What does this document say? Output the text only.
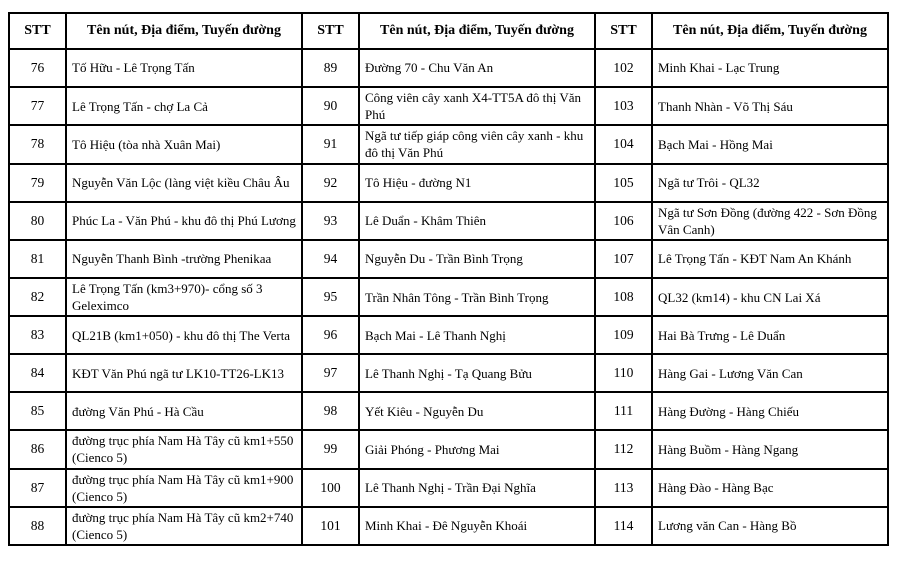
STT	Tên nút, Địa điểm, Tuyến đường	STT	Tên nút, Địa điểm, Tuyến đường	STT	Tên nút, Địa điểm, Tuyến đường
76	Tố Hữu - Lê Trọng Tấn	89	Đường 70 - Chu Văn An	102	Minh Khai - Lạc Trung
77	Lê Trọng Tấn - chợ La Cả	90	Công viên cây xanh X4-TT5A đô thị Văn Phú	103	Thanh Nhàn - Võ Thị Sáu
78	Tô Hiệu (tòa nhà Xuân Mai)	91	Ngã tư tiếp giáp công viên cây xanh - khu đô thị Văn Phú	104	Bạch Mai - Hồng Mai
79	Nguyễn Văn Lộc (làng việt kiều Châu Âu	92	Tô Hiệu - đường N1	105	Ngã tư Trôi - QL32
80	Phúc La - Văn Phú - khu đô thị Phú Lương	93	Lê Duẩn - Khâm Thiên	106	Ngã tư Sơn Đồng (đường 422 - Sơn Đồng Vân Canh)
81	Nguyễn Thanh Bình -trường Phenikaa	94	Nguyễn Du - Trần Bình Trọng	107	Lê Trọng Tấn - KĐT Nam An Khánh
82	Lê Trọng Tấn (km3+970)- cổng số 3 Geleximco	95	Trần Nhân Tông - Trần Bình Trọng	108	QL32 (km14) - khu CN Lai Xá
83	QL21B (km1+050) - khu đô thị The Verta	96	Bạch Mai - Lê Thanh Nghị	109	Hai Bà Trưng - Lê Duẩn
84	KĐT Văn Phú ngã tư LK10-TT26-LK13	97	Lê Thanh Nghị - Tạ Quang Bửu	110	Hàng Gai - Lương Văn Can
85	đường Văn Phú - Hà Cầu	98	Yết Kiêu - Nguyễn Du	111	Hàng Đường - Hàng Chiếu
86	đường trục phía Nam Hà Tây cũ km1+550 (Cienco 5)	99	Giải Phóng - Phương Mai	112	Hàng Buồm - Hàng Ngang
87	đường trục phía Nam Hà Tây cũ km1+900 (Cienco 5)	100	Lê Thanh Nghị - Trần Đại Nghĩa	113	Hàng Đào - Hàng Bạc
88	đường trục phía Nam Hà Tây cũ km2+740 (Cienco 5)	101	Minh Khai - Đê Nguyễn Khoái	114	Lương văn Can - Hàng Bồ
